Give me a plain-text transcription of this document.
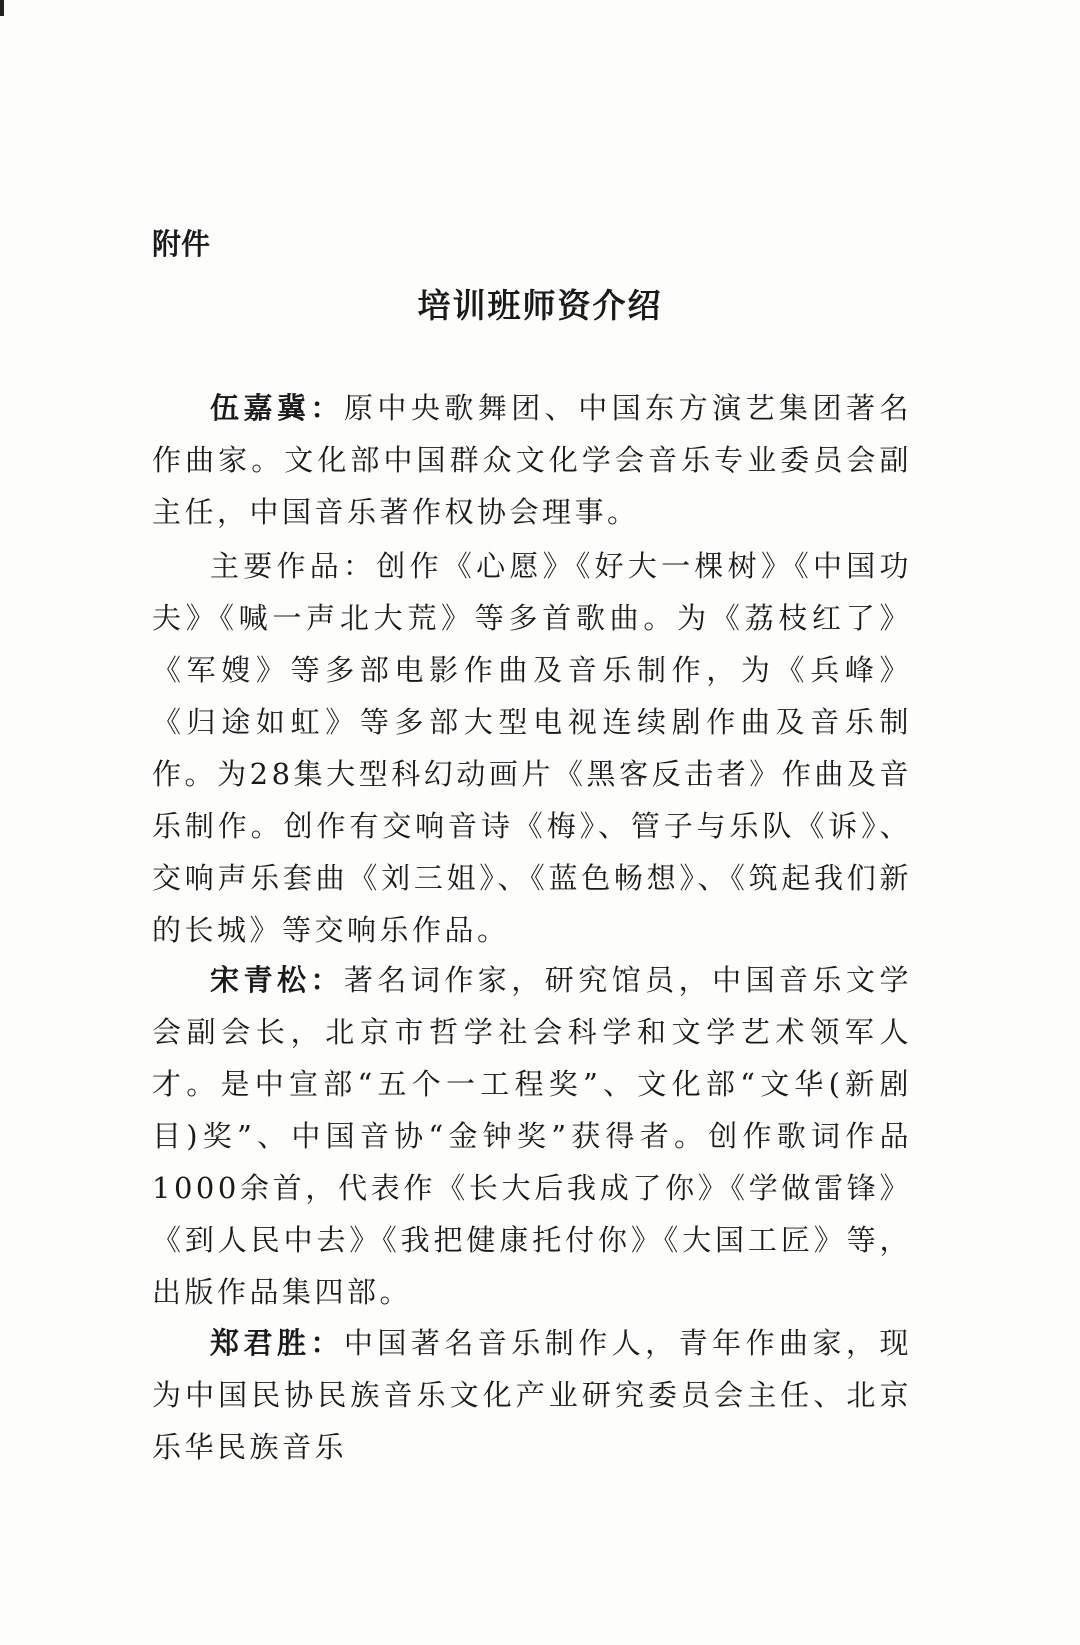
附件
培训班师资介绍

伍嘉冀：原中央歌舞团、中国东方演艺集团著名作曲家。文化部中国群众文化学会音乐专业委员会副主任，中国音乐著作权协会理事。

主要作品：创作《心愿》《好大一棵树》《中国功夫》《喊一声北大荒》等多首歌曲。为《荔枝红了》《军嫂》等多部电影作曲及音乐制作，为《兵峰》《归途如虹》等多部大型电视连续剧作曲及音乐制作。为28集大型科幻动画片《黑客反击者》作曲及音乐制作。创作有交响音诗《梅》、管子与乐队《诉》、交响声乐套曲《刘三姐》、《蓝色畅想》、《筑起我们新的长城》等交响乐作品。

宋青松：著名词作家，研究馆员，中国音乐文学会副会长，北京市哲学社会科学和文学艺术领军人才。是中宣部“五个一工程奖”、文化部“文华(新剧目)奖”、中国音协“金钟奖”获得者。创作歌词作品1000余首，代表作《长大后我成了你》《学做雷锋》《到人民中去》《我把健康托付你》《大国工匠》等，出版作品集四部。

郑君胜：中国著名音乐制作人，青年作曲家，现为中国民协民族音乐文化产业研究委员会主任、北京乐华民族音乐
